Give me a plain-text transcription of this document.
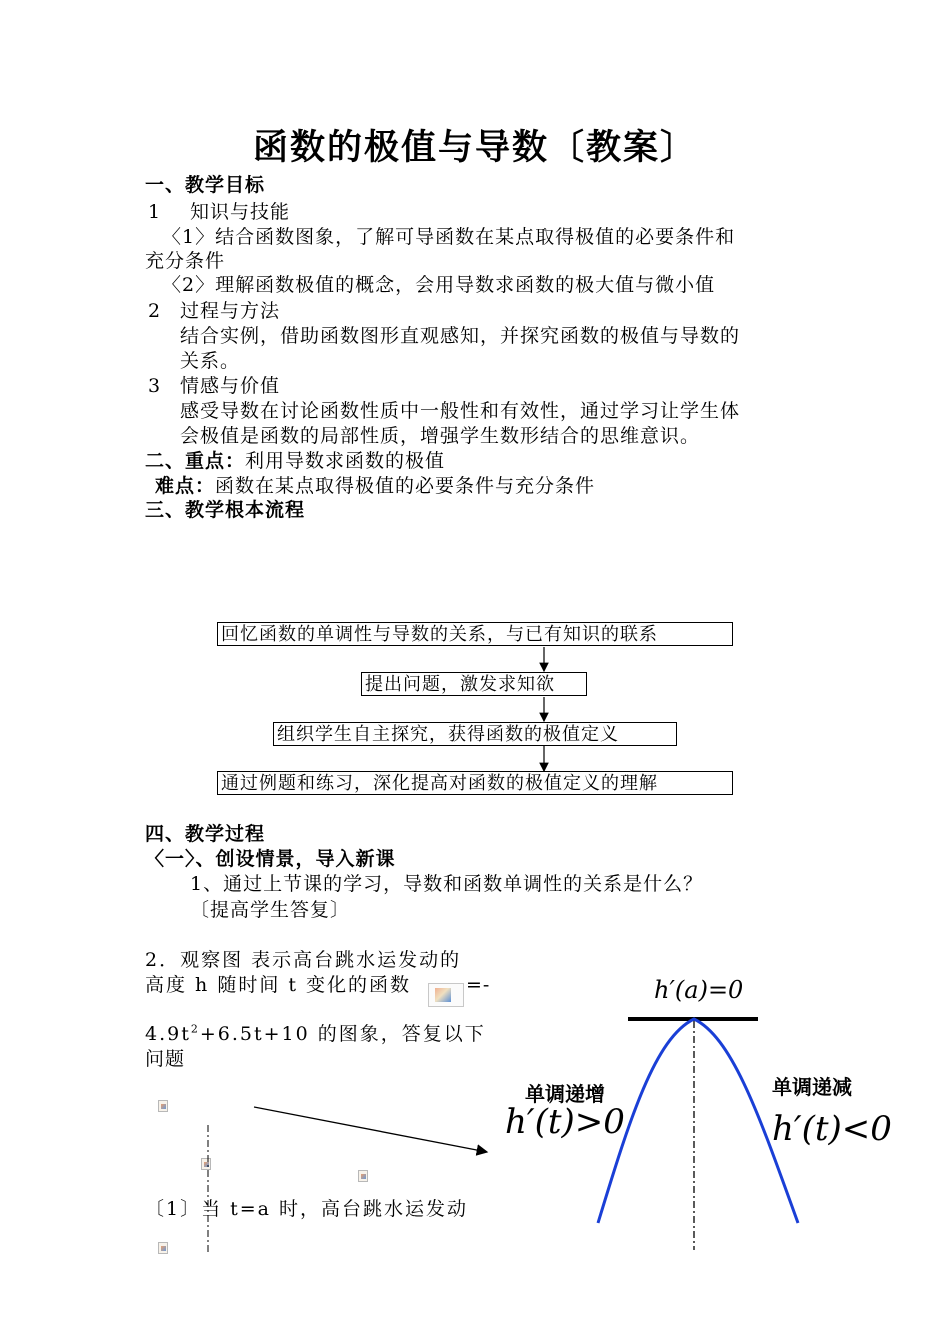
函数的极值与导数〔教案〕
一、教学目标
1 知识与技能
〈1〉结合函数图象，了解可导函数在某点取得极值的必要条件和
充分条件
〈2〉理解函数极值的概念，会用导数求函数的极大值与微小值
2 过程与方法
结合实例，借助函数图形直观感知，并探究函数的极值与导数的
关系。
3 情感与价值
感受导数在讨论函数性质中一般性和有效性，通过学习让学生体
会极值是函数的局部性质，增强学生数形结合的思维意识。
二、重点：利用导数求函数的极值
难点：函数在某点取得极值的必要条件与充分条件
三、教学根本流程
回忆函数的单调性与导数的关系，与已有知识的联系
提出问题，激发求知欲
组织学生自主探究，获得函数的极值定义
通过例题和练习，深化提高对函数的极值定义的理解
四、教学过程
〈一〉、创设情景，导入新课
1、通过上节课的学习，导数和函数单调性的关系是什么？
〔提高学生答复〕
2．观察图 表示高台跳水运发动的
高度 h 随时间 t 变化的函数	=-
$4.9t^2+6.5t+10$ 的图象，答复以下
问题
〔1〕当 t=a 时，高台跳水运发动
h′(a)=0
单调递增
h′(t)>0
单调递减
h′(t)<0
